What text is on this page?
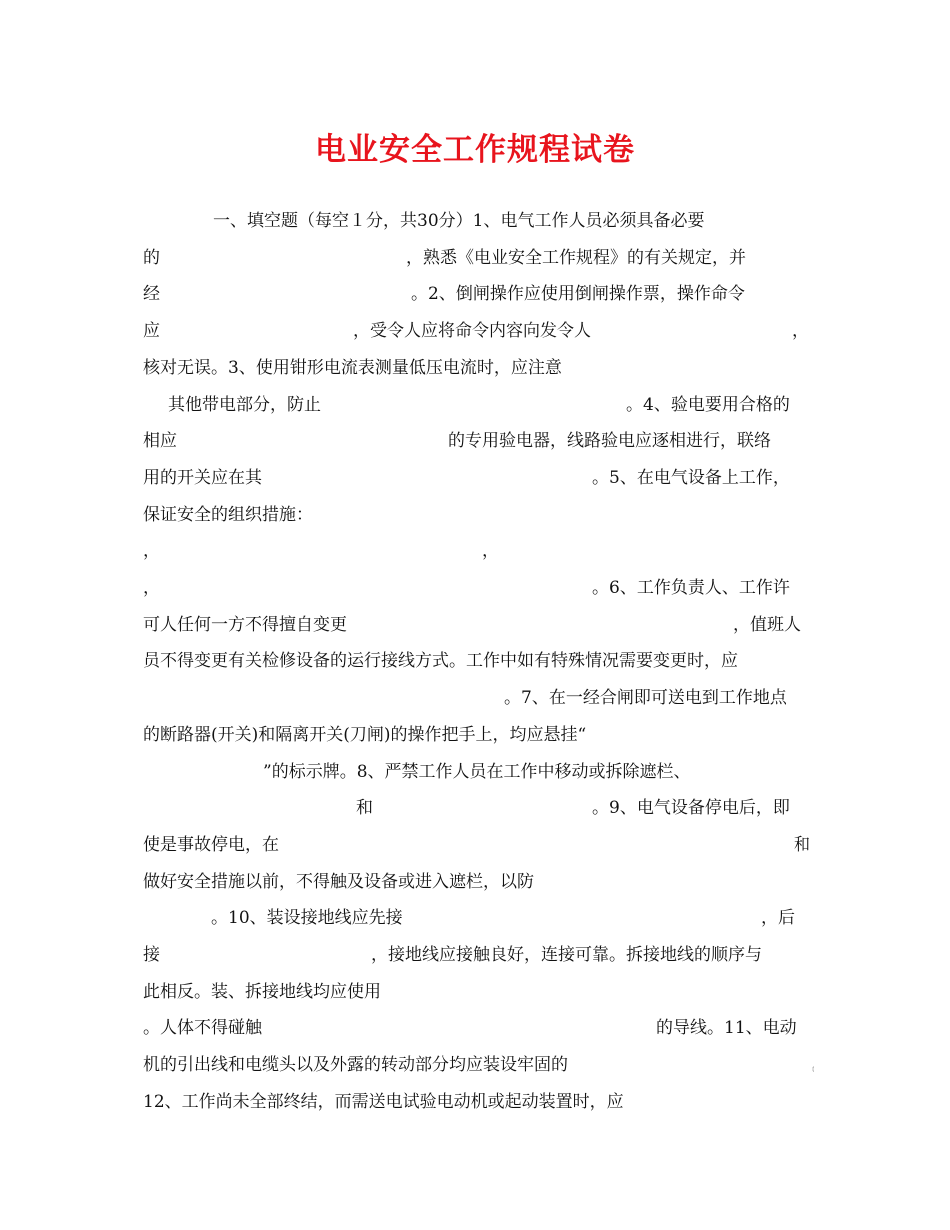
电业安全工作规程试卷
一、填空题（每空１分，共30分）1、电气工作人员必须具备必要
的	，熟悉《电业安全工作规程》的有关规定，并
经	。2、倒闸操作应使用倒闸操作票，操作命令
应	，受令人应将命令内容向发令人	，
核对无误。3、使用钳形电流表测量低压电流时，应注意
其他带电部分，防止	。4、验电要用合格的
相应	的专用验电器，线路验电应逐相进行，联络
用的开关应在其	。5、在电气设备上工作，
保证安全的组织措施：
，	，
，	。6、工作负责人、工作许
可人任何一方不得擅自变更	，值班人
员不得变更有关检修设备的运行接线方式。工作中如有特殊情况需要变更时，应
。7、在一经合闸即可送电到工作地点
的断路器(开关)和隔离开关(刀闸)的操作把手上，均应悬挂“
”的标示牌。8、严禁工作人员在工作中移动或拆除遮栏、
和	。9、电气设备停电后，即
使是事故停电，在	和
做好安全措施以前，不得触及设备或进入遮栏，以防
。10、装设接地线应先接	，后
接	，接地线应接触良好，连接可靠。拆接地线的顺序与
此相反。装、拆接地线均应使用
。人体不得碰触	的导线。11、电动
机的引出线和电缆头以及外露的转动部分均应装设牢固的	。
12、工作尚未全部终结，而需送电试验电动机或起动装置时，应
